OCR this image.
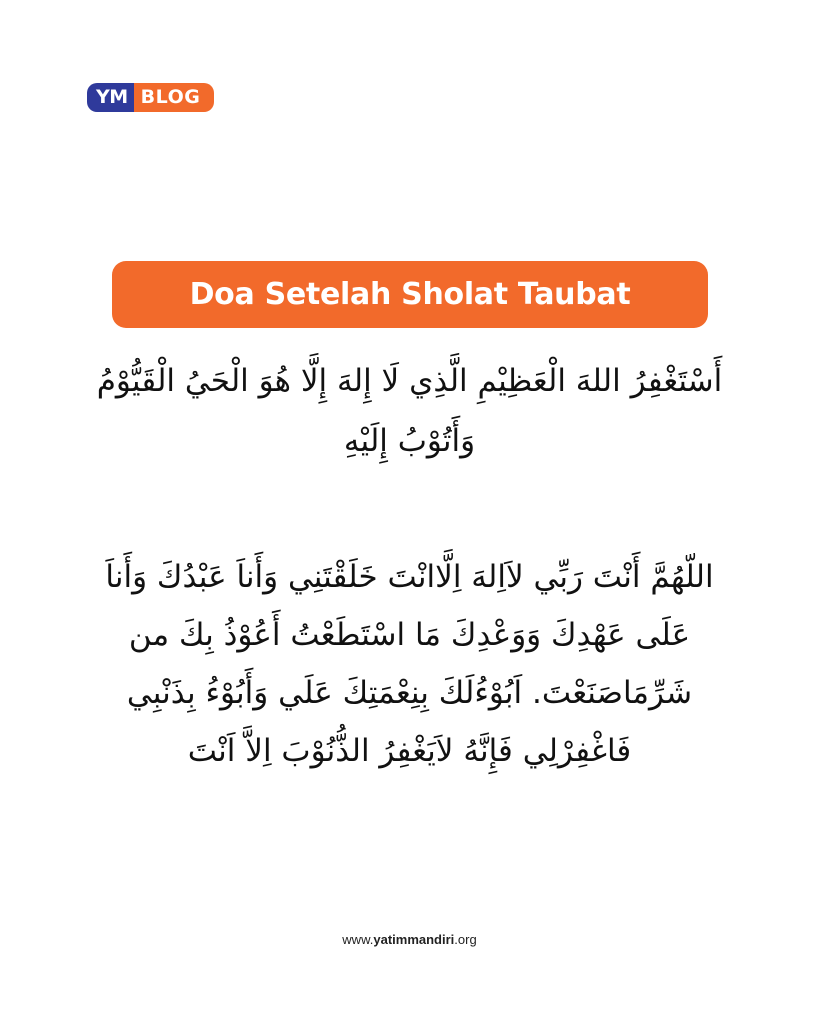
YM BLOG
Doa Setelah Sholat Taubat
أَسْتَغْفِرُ اللهَ الْعَظِيْمِ الَّذِي لَا إِلهَ إِلَّا هُوَ الْحَيُ الْقَيُّوْمُ وَأَتُوْبُ إِلَيْهِ
اللّهُمَّ أَنْتَ رَبِّي لاَاِلهَ اِلَّاانْتَ خَلَقْتَنِي وَأَناَ عَبْدُكَ وَأَناَ عَلَى عَهْدِكَ وَوَعْدِكَ مَا اسْتَطَعْتُ أَعُوْذُ بِكَ من شَرِّمَاصَنَعْتَ. اَبُوْءُلَكَ بِنِعْمَتِكَ عَلَي وَأَبُوْءُ بِذَنْبِي فَاغْفِرْلِي فَإِنَّهُ لاَيَغْفِرُ الذُّنُوْبَ اِلاَّ اَنْتَ
www.yatimmandiri.org
